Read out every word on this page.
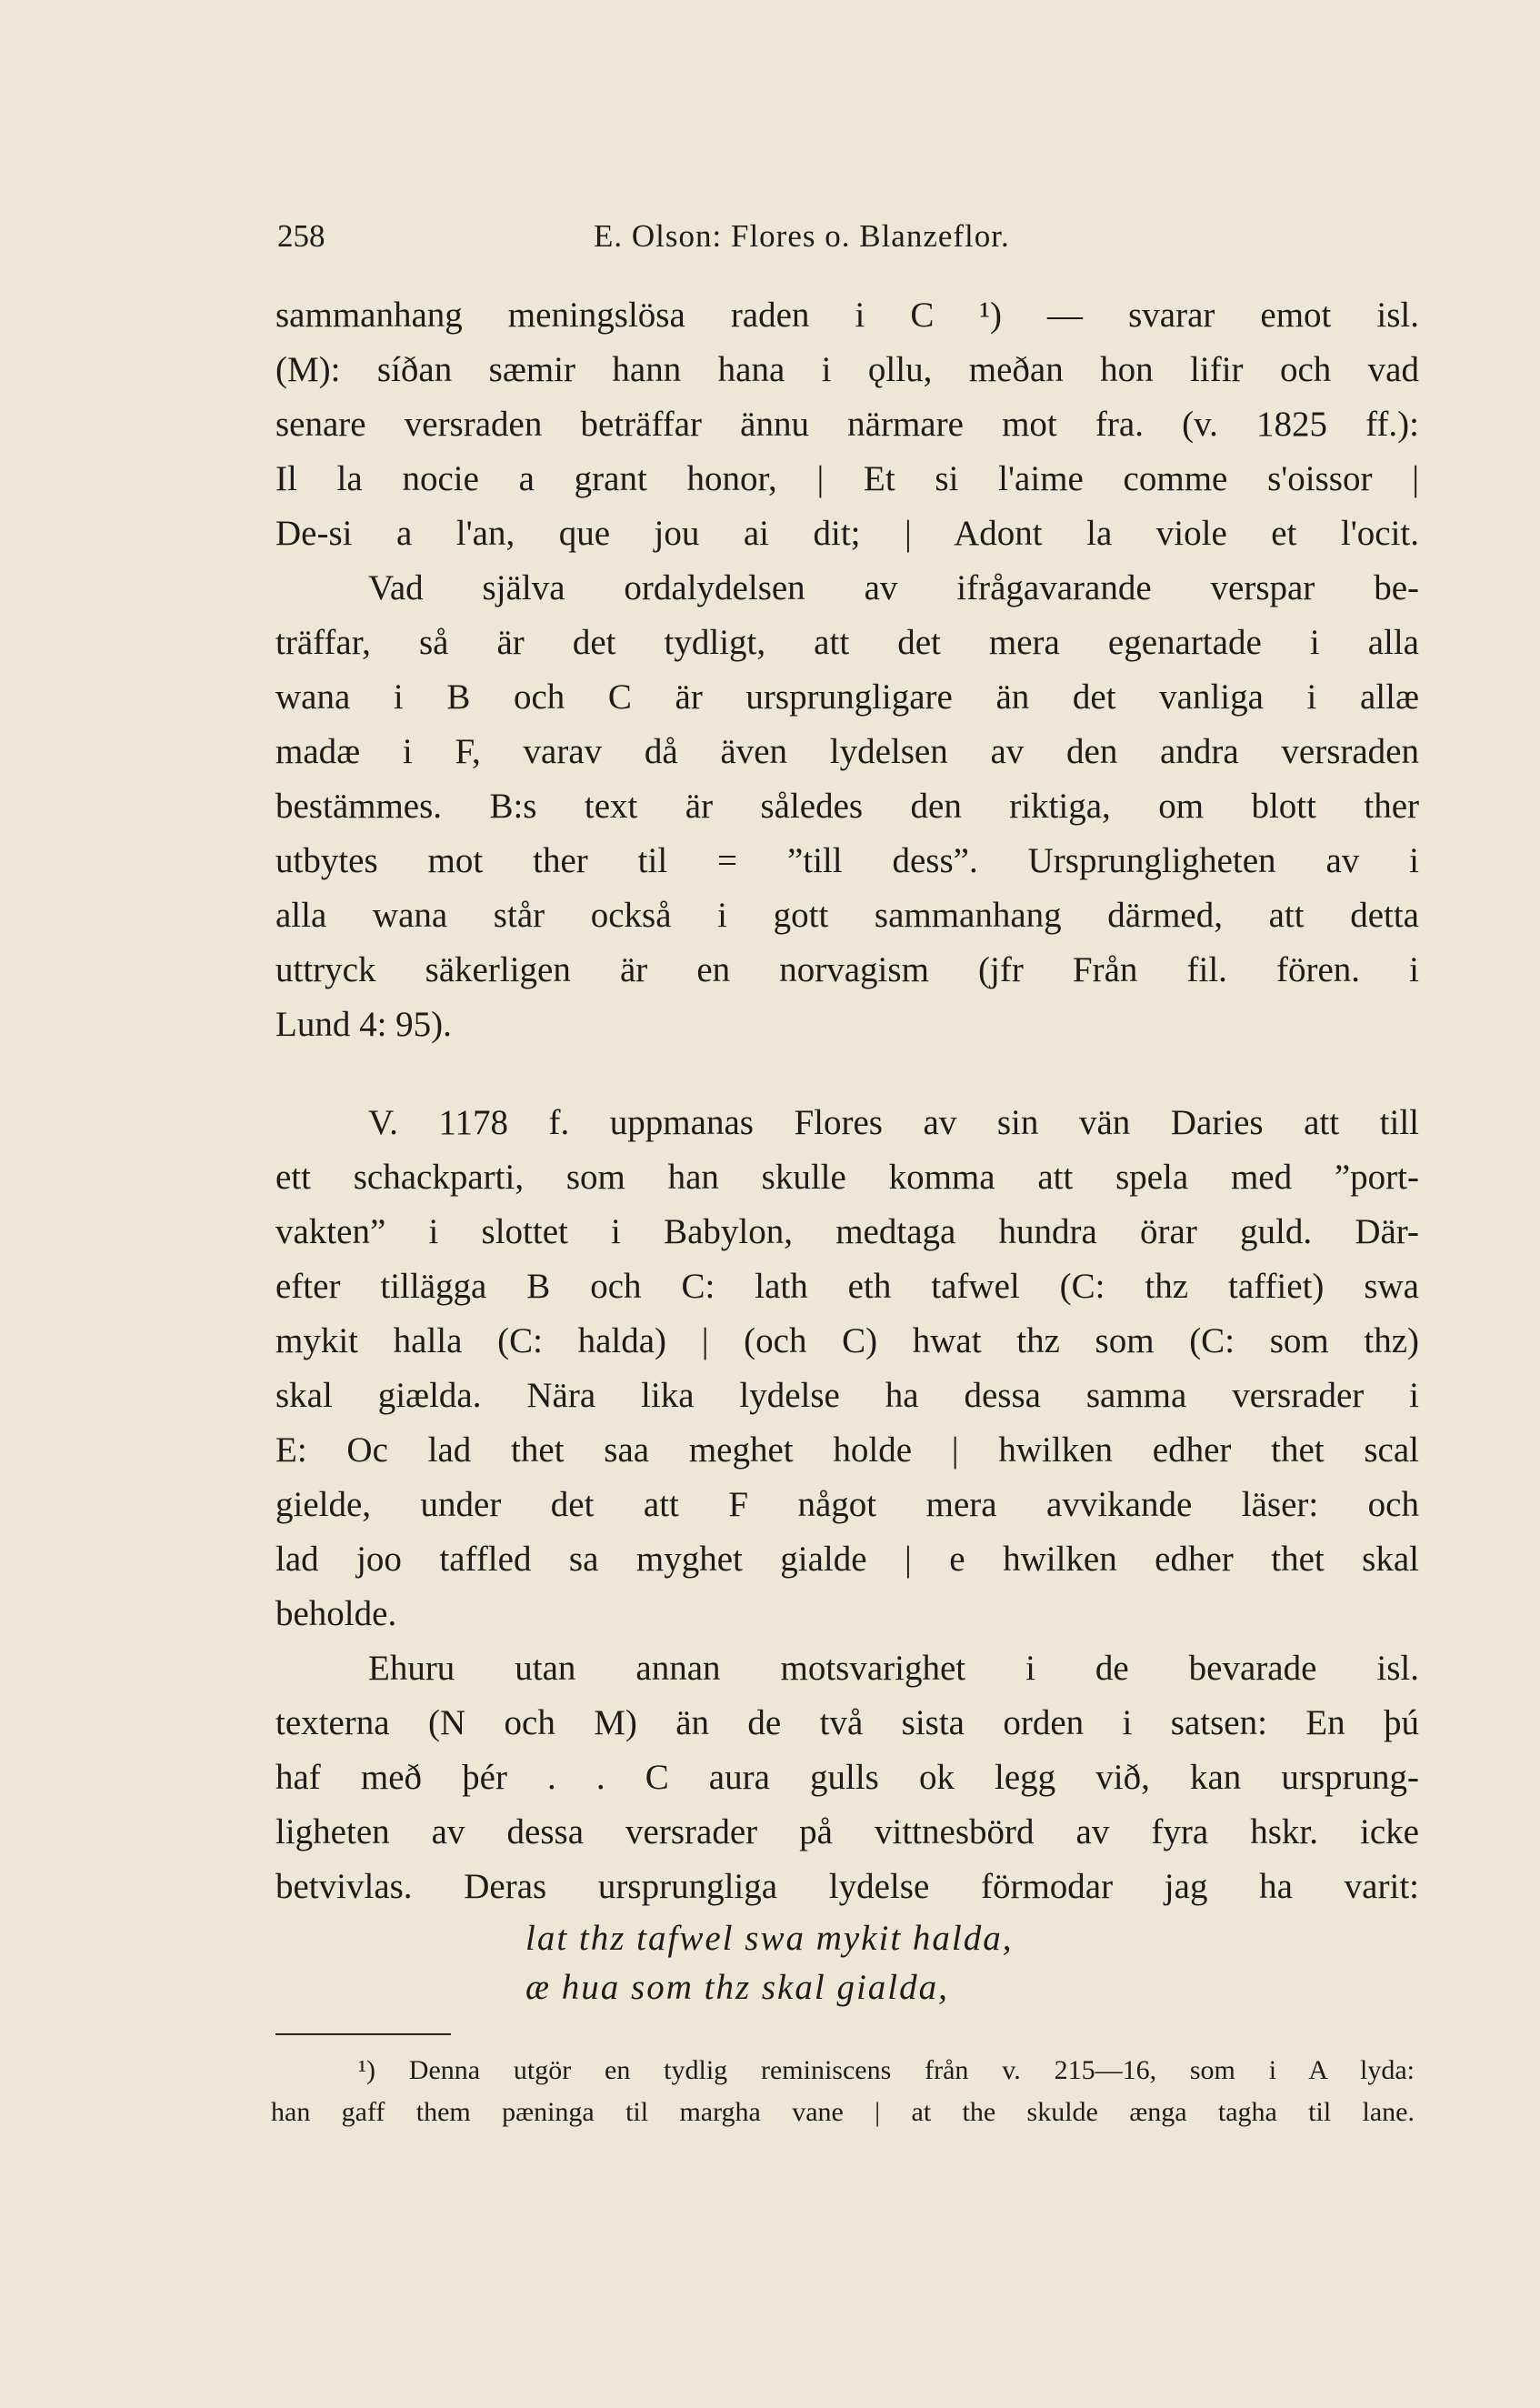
258	E. Olson: Flores o. Blanzeflor.
sammanhang meningslösa raden i C ¹) — svarar emot isl.
(M): síðan sæmir hann hana i ǫllu, meðan hon lifir och vad
senare versraden beträffar ännu närmare mot fra. (v. 1825 ff.):
Il la nocie a grant honor, | Et si l'aime comme s'oissor |
De-si a l'an, que jou ai dit; | Adont la viole et l'ocit.
Vad själva ordalydelsen av ifrågavarande verspar be-
träffar, så är det tydligt, att det mera egenartade i alla
wana i B och C är ursprungligare än det vanliga i allæ
madæ i F, varav då även lydelsen av den andra versraden
bestämmes. B:s text är således den riktiga, om blott ther
utbytes mot ther til = ”till dess”. Ursprungligheten av i
alla wana står också i gott sammanhang därmed, att detta
uttryck säkerligen är en norvagism (jfr Från fil. fören. i
Lund 4: 95).
V. 1178 f. uppmanas Flores av sin vän Daries att till
ett schackparti, som han skulle komma att spela med ”port-
vakten” i slottet i Babylon, medtaga hundra örar guld. Där-
efter tillägga B och C: lath eth tafwel (C: thz taffiet) swa
mykit halla (C: halda) | (och C) hwat thz som (C: som thz)
skal giælda. Nära lika lydelse ha dessa samma versrader i
E: Oc lad thet saa meghet holde | hwilken edher thet scal
gielde, under det att F något mera avvikande läser: och
lad joo taffled sa myghet gialde | e hwilken edher thet skal
beholde.
Ehuru utan annan motsvarighet i de bevarade isl.
texterna (N och M) än de två sista orden i satsen: En þú
haf með þér . . C aura gulls ok legg við, kan ursprung-
ligheten av dessa versrader på vittnesbörd av fyra hskr. icke
betvivlas. Deras ursprungliga lydelse förmodar jag ha varit:
lat thz tafwel swa mykit halda,
æ hua som thz skal gialda,
¹) Denna utgör en tydlig reminiscens från v. 215—16, som i A lyda:
han gaff them pæninga til margha vane | at the skulde ænga tagha til lane.
